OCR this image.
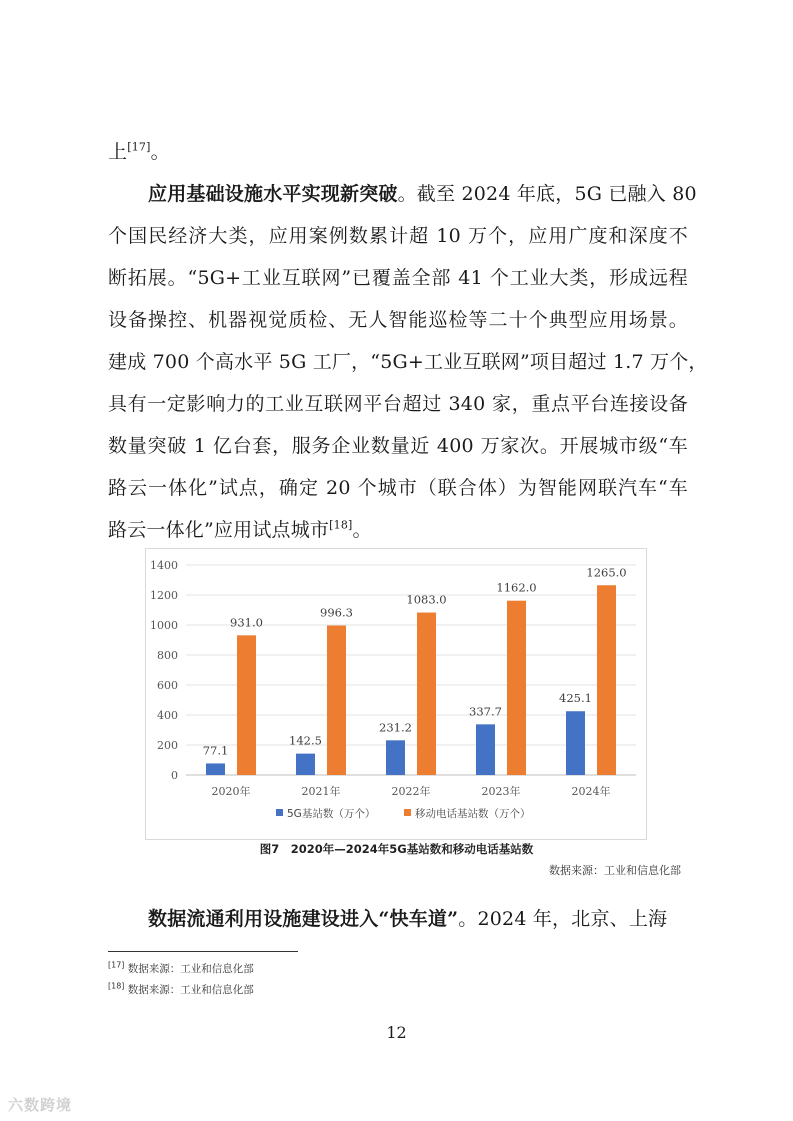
上[17]。
应用基础设施水平实现新突破。截至 2024 年底，5G 已融入 80
个国民经济大类，应用案例数累计超 10 万个，应用广度和深度不
断拓展。“5G+工业互联网”已覆盖全部 41 个工业大类，形成远程
设备操控、机器视觉质检、无人智能巡检等二十个典型应用场景。
建成 700 个高水平 5G 工厂，“5G+工业互联网”项目超过 1.7 万个，
具有一定影响力的工业互联网平台超过 340 家，重点平台连接设备
数量突破 1 亿台套，服务企业数量近 400 万家次。开展城市级“车
路云一体化”试点，确定 20 个城市（联合体）为智能网联汽车“车
路云一体化”应用试点城市[18]。
0
200
400
600
800
1000
1200
1400
77.1
931.0
2020年
142.5
996.3
2021年
231.2
1083.0
2022年
337.7
1162.0
2023年
425.1
1265.0
2024年
5G基站数（万个）	移动电话基站数（万个）
图7　2020年—2024年5G基站数和移动电话基站数
数据来源：工业和信息化部
数据流通利用设施建设进入“快车道”。2024 年，北京、上海
[17] 数据来源：工业和信息化部
[18] 数据来源：工业和信息化部
12
六数跨境
